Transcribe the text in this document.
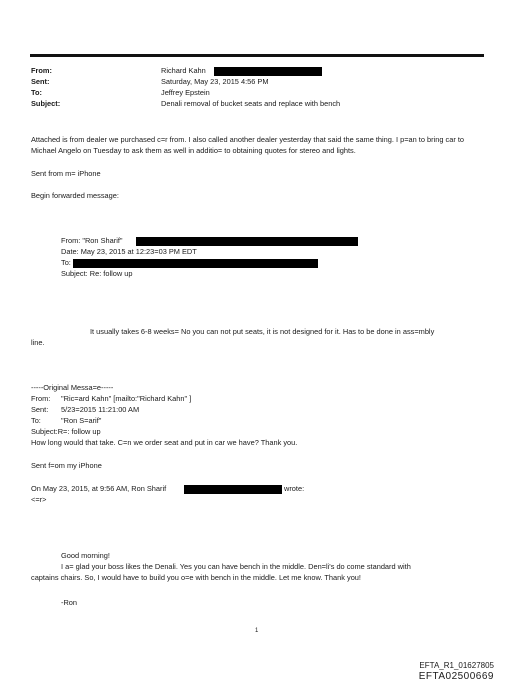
From:
Sent:
To:
Subject:
Richard Kahn
Saturday, May 23, 2015 4:56 PM
Jeffrey Epstein
Denali removal of bucket seats and replace with bench
Attached is from dealer we purchased c=r from. I also called another dealer yesterday that said the same thing. I p=an to bring car to Michael Angelo on Tuesday to ask them as well in additio= to obtaining quotes for stereo and lights.
Sent from m= iPhone
Begin forwarded message:
From: "Ron Sharif"
Date: May 23, 2015 at 12:23=03 PM EDT
To:
Subject: Re: follow up
It usually takes 6-8 weeks= No you can not put seats, it is not designed for it. Has to be done in ass=mbly
line.
-----Original Messa=e-----
From: "Ric=ard Kahn" [mailto:"Richard Kahn" ]
Sent: 5/23=2015 11:21:00 AM
To:	"Ron S=arif"
Subject:R=: follow up
How long would that take. C=n we order seat and put in car we have? Thank you.
Sent f=om my iPhone
On May 23, 2015, at 9:56 AM, Ron Sharif	wrote:
<=r>
Good morning!
I a= glad your boss likes the Denali. Yes you can have bench in the middle. Den=li's do come standard with
captains chairs. So, I would have to build you o=e with bench in the middle. Let me know. Thank you!
-Ron
1
EFTA_R1_01627805
EFTA02500669
